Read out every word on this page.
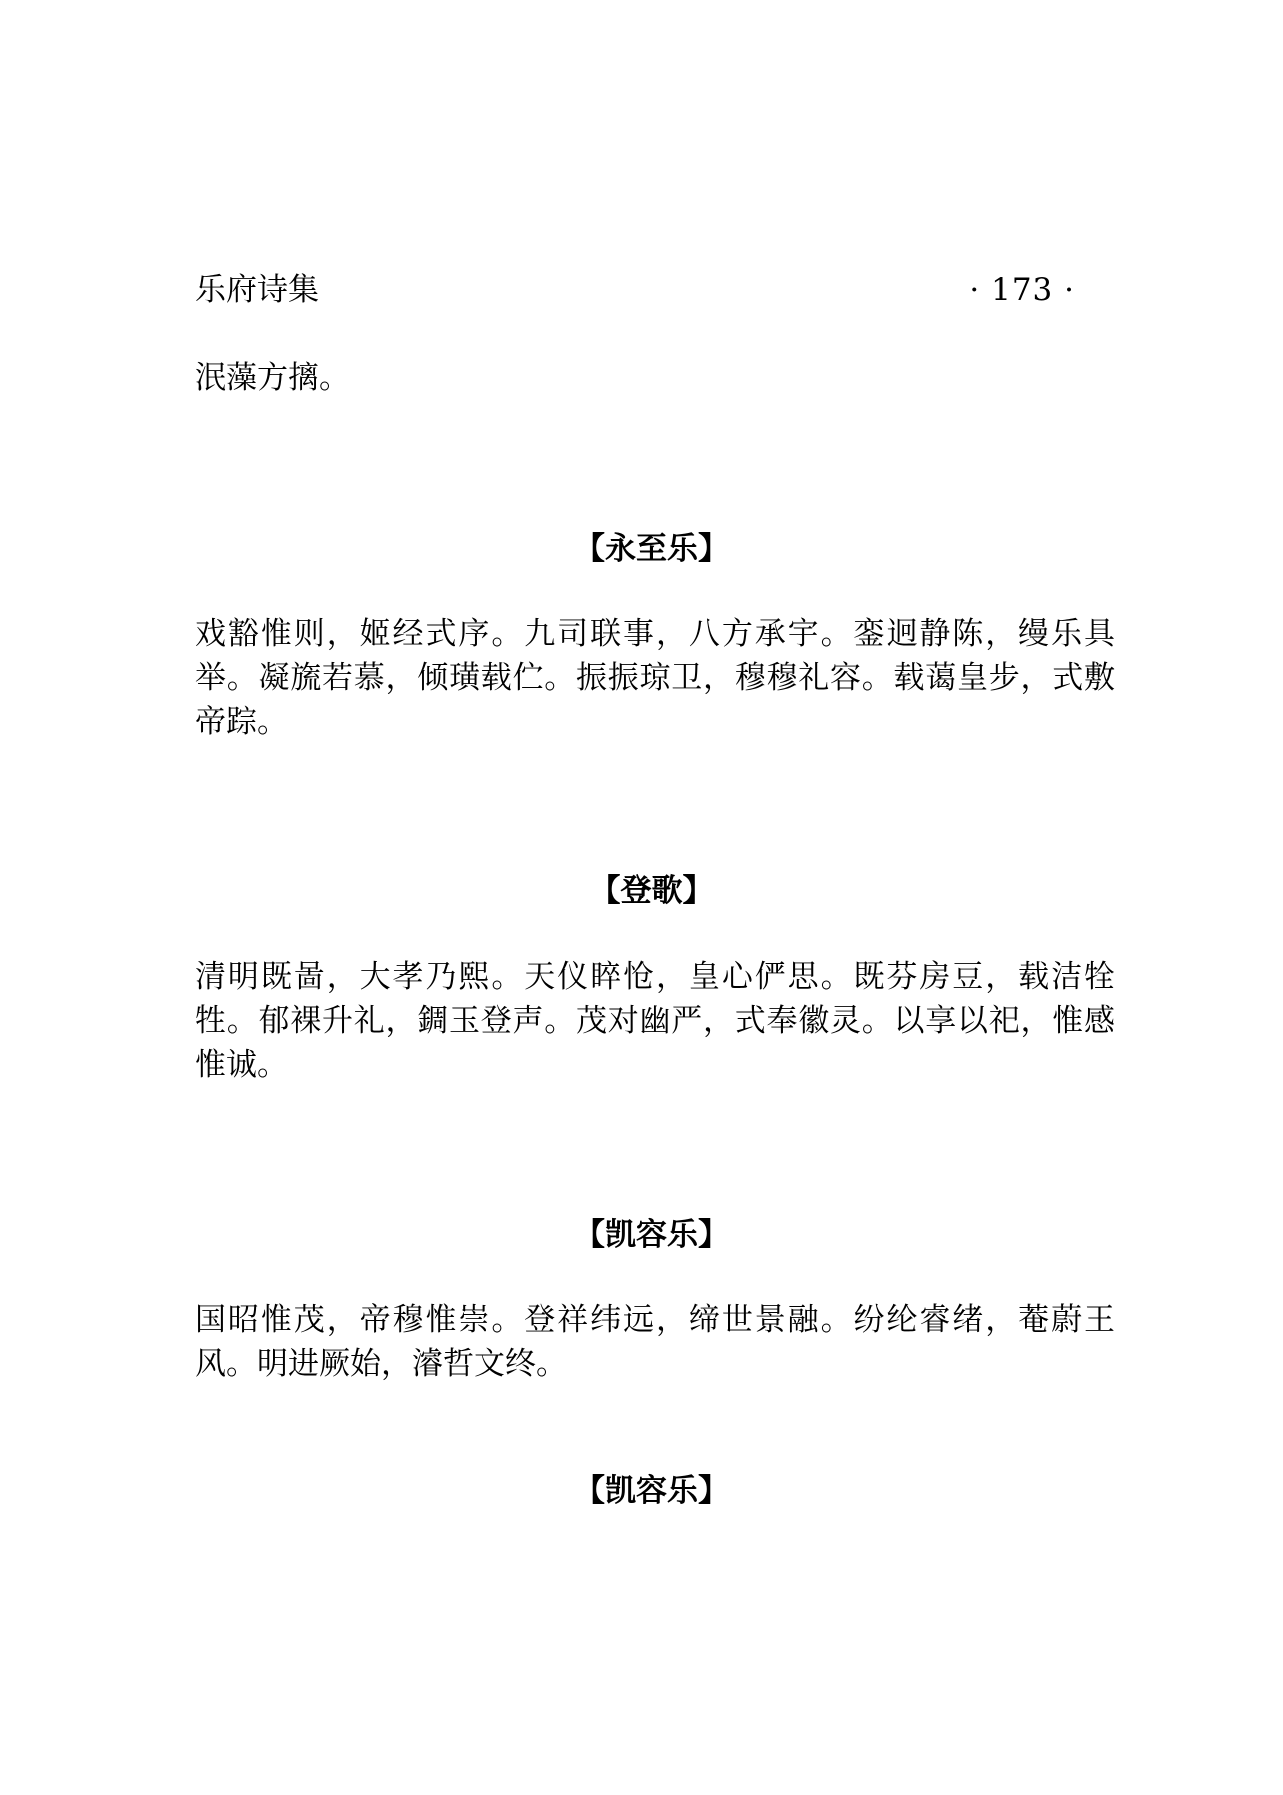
乐府诗集	· 173 ·

泯藻方摛。

【永至乐】

戏豁惟则，姬经式序。九司联事，八方承宇。銮迥静陈，缦乐具举。凝旒若慕，倾璜载伫。振振琼卫，穆穆礼容。载蔼皇步，式敷帝踪。

【登歌】

清明既啚，大孝乃熙。天仪睟怆，皇心俨思。既芬房豆，载洁牷牲。郁裸升礼，錭玉登声。茂对幽严，式奉徽灵。以享以祀，惟感惟诚。

【凯容乐】

国昭惟茂，帝穆惟崇。登祥纬远，缔世景融。纷纶睿绪，菴蔚王风。明进厥始，濬哲文终。

【凯容乐】
